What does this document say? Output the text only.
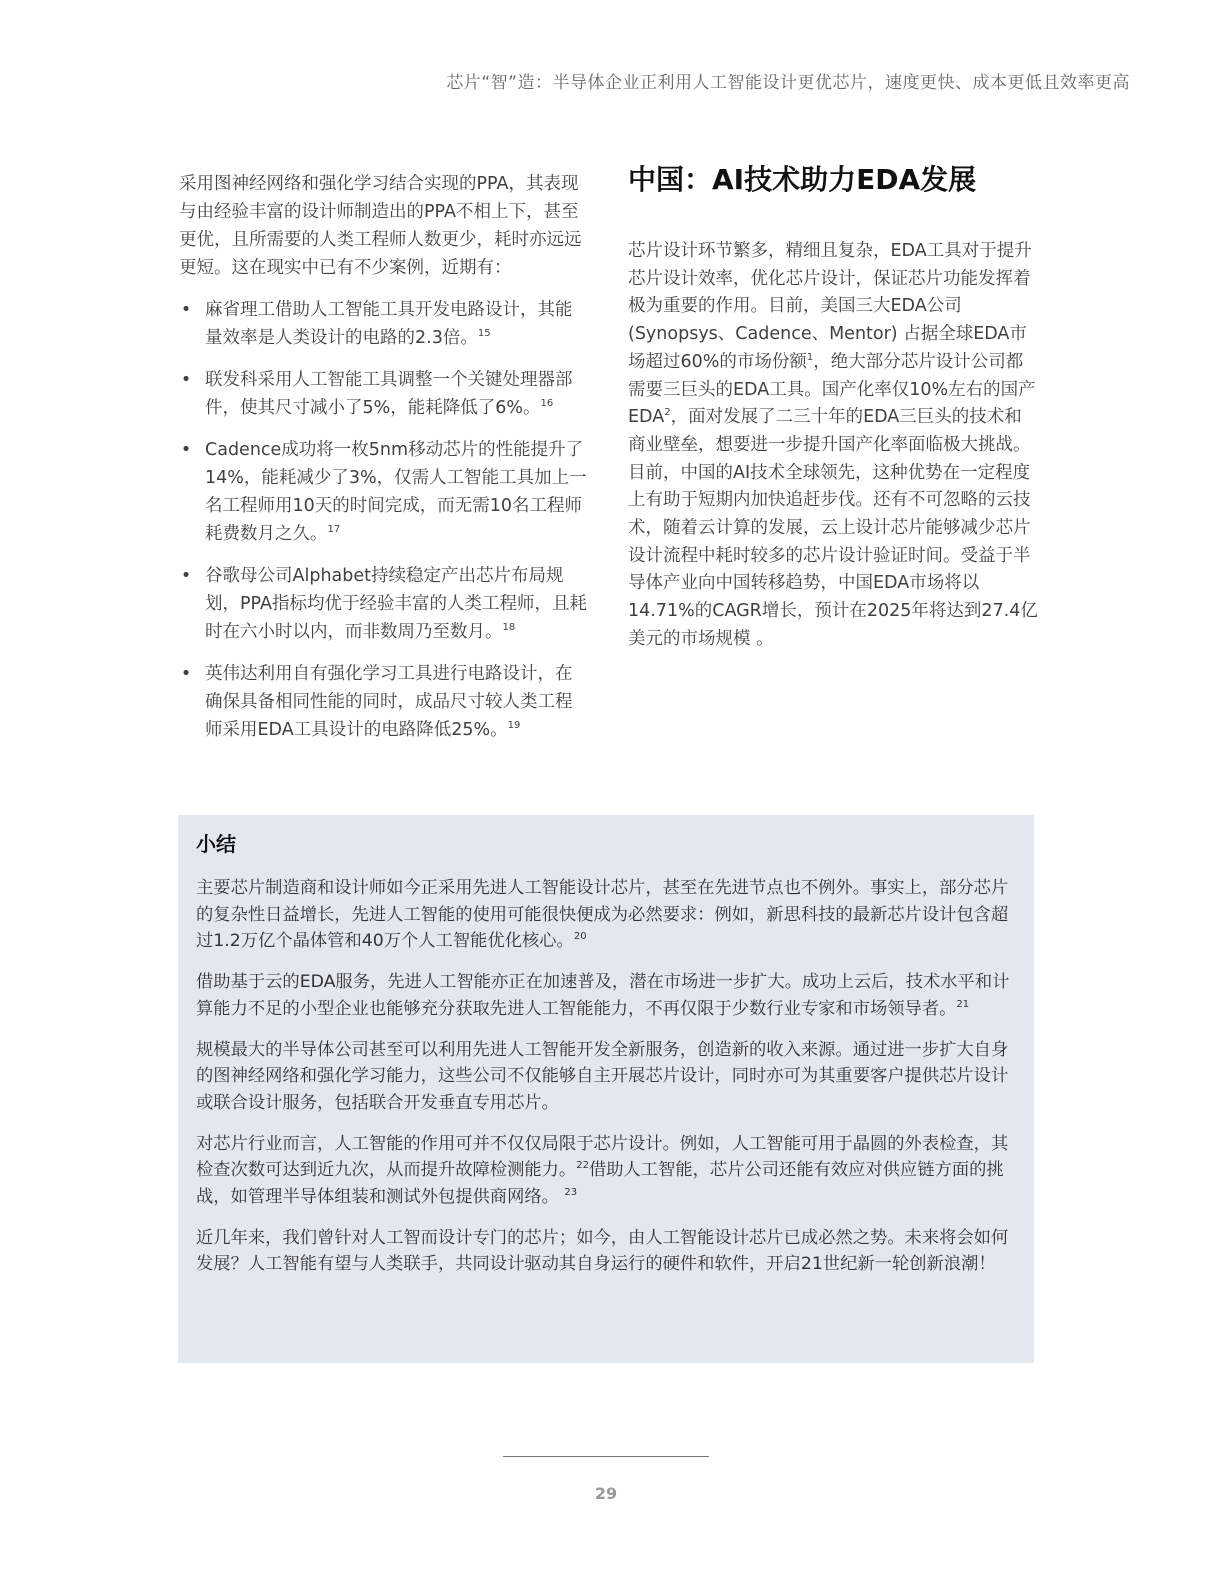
芯片“智”造：半导体企业正利用人工智能设计更优芯片，速度更快、成本更低且效率更高

采用图神经网络和强化学习结合实现的PPA，其表现与由经验丰富的设计师制造出的PPA不相上下，甚至更优，且所需要的人类工程师人数更少，耗时亦远远更短。这在现实中已有不少案例，近期有：

• 麻省理工借助人工智能工具开发电路设计，其能量效率是人类设计的电路的2.3倍。$^{15}$
• 联发科采用人工智能工具调整一个关键处理器部件，使其尺寸减小了5%，能耗降低了6%。$^{16}$
• Cadence成功将一枚5nm移动芯片的性能提升了14%，能耗减少了3%，仅需人工智能工具加上一名工程师用10天的时间完成，而无需10名工程师耗费数月之久。$^{17}$
• 谷歌母公司Alphabet持续稳定产出芯片布局规划，PPA指标均优于经验丰富的人类工程师，且耗时在六小时以内，而非数周乃至数月。$^{18}$
• 英伟达利用自有强化学习工具进行电路设计，在确保具备相同性能的同时，成品尺寸较人类工程师采用EDA工具设计的电路降低25%。$^{19}$
中国：AI技术助力EDA发展

芯片设计环节繁多，精细且复杂，EDA工具对于提升芯片设计效率，优化芯片设计，保证芯片功能发挥着极为重要的作用。目前，美国三大EDA公司(Synopsys、Cadence、Mentor) 占据全球EDA市场超过60%的市场份额$^1$，绝大部分芯片设计公司都需要三巨头的EDA工具。国产化率仅10%左右的国产EDA$^2$，面对发展了二三十年的EDA三巨头的技术和商业壁垒，想要进一步提升国产化率面临极大挑战。目前，中国的AI技术全球领先，这种优势在一定程度上有助于短期内加快追赶步伐。还有不可忽略的云技术，随着云计算的发展，云上设计芯片能够减少芯片设计流程中耗时较多的芯片设计验证时间。受益于半导体产业向中国转移趋势，中国EDA市场将以14.71%的CAGR增长，预计在2025年将达到27.4亿美元的市场规模 。

小结

主要芯片制造商和设计师如今正采用先进人工智能设计芯片，甚至在先进节点也不例外。事实上，部分芯片的复杂性日益增长，先进人工智能的使用可能很快便成为必然要求：例如，新思科技的最新芯片设计包含超过1.2万亿个晶体管和40万个人工智能优化核心。$^{20}$

借助基于云的EDA服务，先进人工智能亦正在加速普及，潜在市场进一步扩大。成功上云后，技术水平和计算能力不足的小型企业也能够充分获取先进人工智能能力，不再仅限于少数行业专家和市场领导者。$^{21}$

规模最大的半导体公司甚至可以利用先进人工智能开发全新服务，创造新的收入来源。通过进一步扩大自身的图神经网络和强化学习能力，这些公司不仅能够自主开展芯片设计，同时亦可为其重要客户提供芯片设计或联合设计服务，包括联合开发垂直专用芯片。

对芯片行业而言，人工智能的作用可并不仅仅局限于芯片设计。例如，人工智能可用于晶圆的外表检查，其检查次数可达到近九次，从而提升故障检测能力。$^{22}$借助人工智能，芯片公司还能有效应对供应链方面的挑战，如管理半导体组装和测试外包提供商网络。 $^{23}$

近几年来，我们曾针对人工智而设计专门的芯片；如今，由人工智能设计芯片已成必然之势。未来将会如何发展？人工智能有望与人类联手，共同设计驱动其自身运行的硬件和软件，开启21世纪新一轮创新浪潮！

29
